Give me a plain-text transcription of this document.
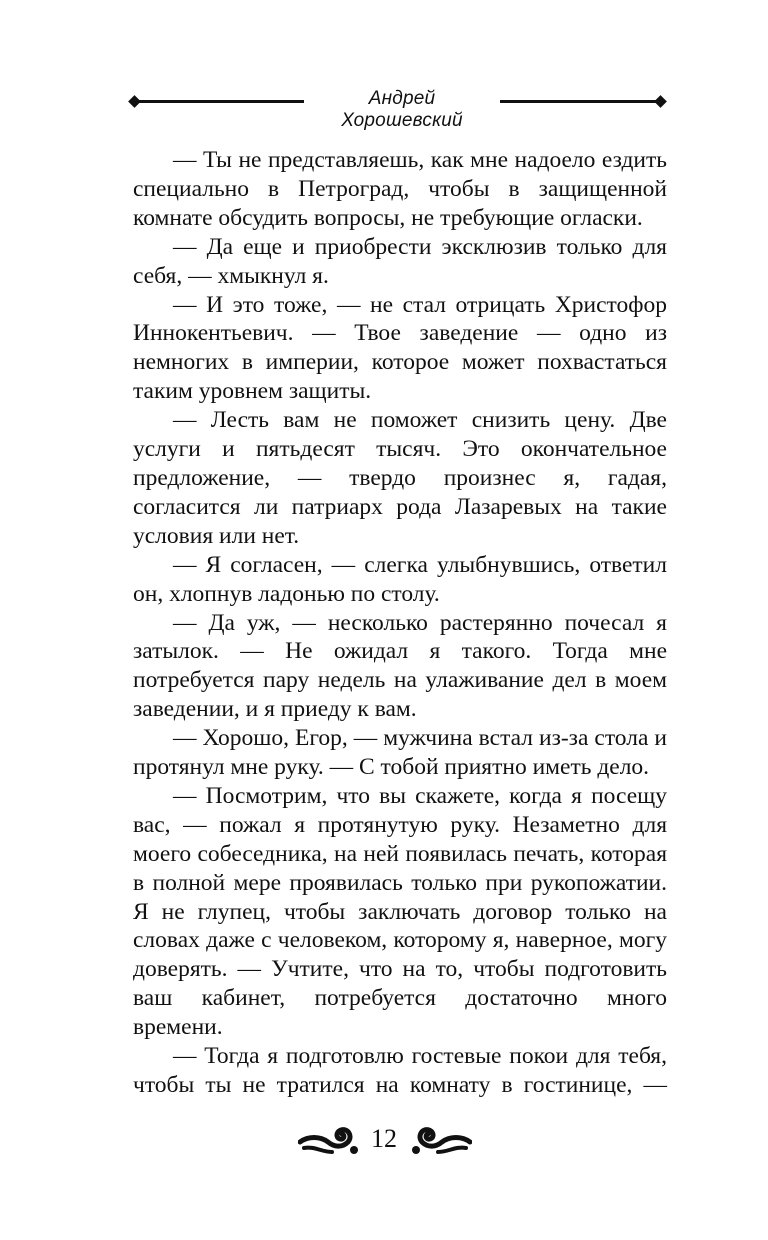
Андрей Хорошевский

— Ты не представляешь, как мне надоело ездить специально в Петроград, чтобы в защищенной комнате обсудить вопросы, не требующие огласки.

— Да еще и приобрести эксклюзив только для себя, — хмыкнул я.

— И это тоже, — не стал отрицать Христофор Иннокентьевич. — Твое заведение — одно из немногих в империи, которое может похвастаться таким уровнем защиты.

— Лесть вам не поможет снизить цену. Две услуги и пятьдесят тысяч. Это окончательное предложение, — твердо произнес я, гадая, согласится ли патриарх рода Лазаревых на такие условия или нет.

— Я согласен, — слегка улыбнувшись, ответил он, хлопнув ладонью по столу.

— Да уж, — несколько растерянно почесал я затылок. — Не ожидал я такого. Тогда мне потребуется пару недель на улаживание дел в моем заведении, и я приеду к вам.

— Хорошо, Егор, — мужчина встал из-за стола и протянул мне руку. — С тобой приятно иметь дело.

— Посмотрим, что вы скажете, когда я посещу вас, — пожал я протянутую руку. Незаметно для моего собеседника, на ней появилась печать, которая в полной мере проявилась только при рукопожатии. Я не глупец, чтобы заключать договор только на словах даже с человеком, которому я, наверное, могу доверять. — Учтите, что на то, чтобы подготовить ваш кабинет, потребуется достаточно много времени.

— Тогда я подготовлю гостевые покои для тебя, чтобы ты не тратился на комнату в гостинице, —

12
